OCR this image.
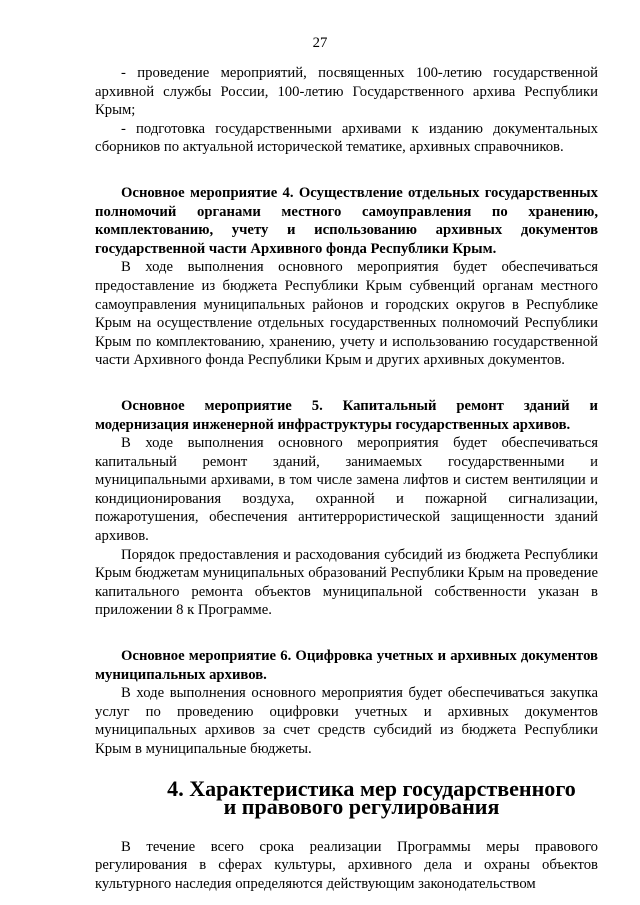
27

- проведение мероприятий, посвященных 100-летию государственной архивной службы России, 100-летию Государственного архива Республики Крым;

- подготовка государственными архивами к изданию документальных сборников по актуальной исторической тематике, архивных справочников.

Основное мероприятие 4. Осуществление отдельных государственных полномочий органами местного самоуправления по хранению, комплектованию, учету и использованию архивных документов государственной части Архивного фонда Республики Крым.

В ходе выполнения основного мероприятия будет обеспечиваться предоставление из бюджета Республики Крым субвенций органам местного самоуправления муниципальных районов и городских округов в Республике Крым на осуществление отдельных государственных полномочий Республики Крым по комплектованию, хранению, учету и использованию государственной части Архивного фонда Республики Крым и других архивных документов.

Основное мероприятие 5. Капитальный ремонт зданий и модернизация инженерной инфраструктуры государственных архивов.

В ходе выполнения основного мероприятия будет обеспечиваться капитальный ремонт зданий, занимаемых государственными и муниципальными архивами, в том числе замена лифтов и систем вентиляции и кондиционирования воздуха, охранной и пожарной сигнализации, пожаротушения, обеспечения антитеррористической защищенности зданий архивов.

Порядок предоставления и расходования субсидий из бюджета Республики Крым бюджетам муниципальных образований Республики Крым на проведение капитального ремонта объектов муниципальной собственности указан в приложении 8 к Программе.

Основное мероприятие 6. Оцифровка учетных и архивных документов муниципальных архивов.

В ходе выполнения основного мероприятия будет обеспечиваться закупка услуг по проведению оцифровки учетных и архивных документов муниципальных архивов за счет средств субсидий из бюджета Республики Крым в муниципальные бюджеты.

4. Характеристика мер государственного
и правового регулирования

В течение всего срока реализации Программы меры правового регулирования в сферах культуры, архивного дела и охраны объектов культурного наследия определяются действующим законодательством
